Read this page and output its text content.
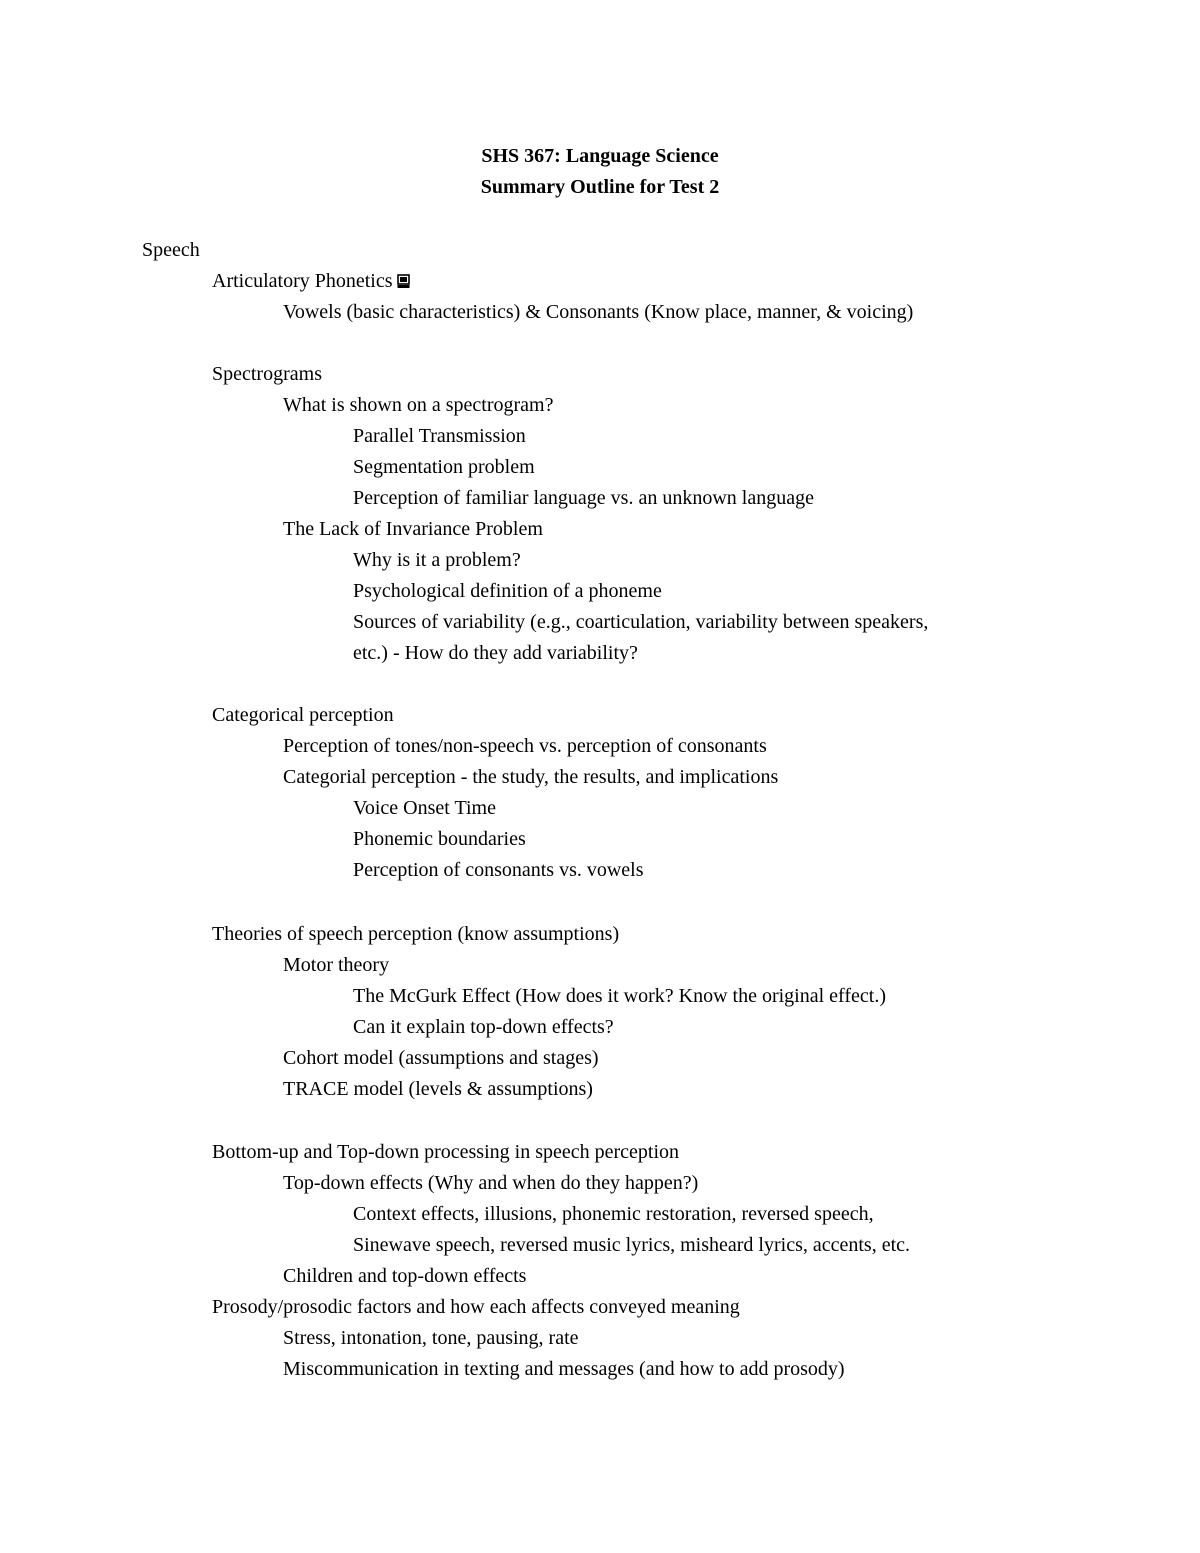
SHS 367: Language Science
Summary Outline for Test 2
Speech
Articulatory Phonetics
Vowels (basic characteristics) & Consonants (Know place, manner, & voicing)
Spectrograms
What is shown on a spectrogram?
Parallel Transmission
Segmentation problem
Perception of familiar language vs. an unknown language
The Lack of Invariance Problem
Why is it a problem?
Psychological definition of a phoneme
Sources of variability (e.g., coarticulation, variability between speakers,
etc.) - How do they add variability?
Categorical perception
Perception of tones/non-speech vs. perception of consonants
Categorial perception - the study, the results, and implications
Voice Onset Time
Phonemic boundaries
Perception of consonants vs. vowels
Theories of speech perception (know assumptions)
Motor theory
The McGurk Effect (How does it work? Know the original effect.)
Can it explain top-down effects?
Cohort model (assumptions and stages)
TRACE model (levels & assumptions)
Bottom-up and Top-down processing in speech perception
Top-down effects (Why and when do they happen?)
Context effects, illusions, phonemic restoration, reversed speech,
Sinewave speech, reversed music lyrics, misheard lyrics, accents, etc.
Children and top-down effects
Prosody/prosodic factors and how each affects conveyed meaning
Stress, intonation, tone, pausing, rate
Miscommunication in texting and messages (and how to add prosody)
